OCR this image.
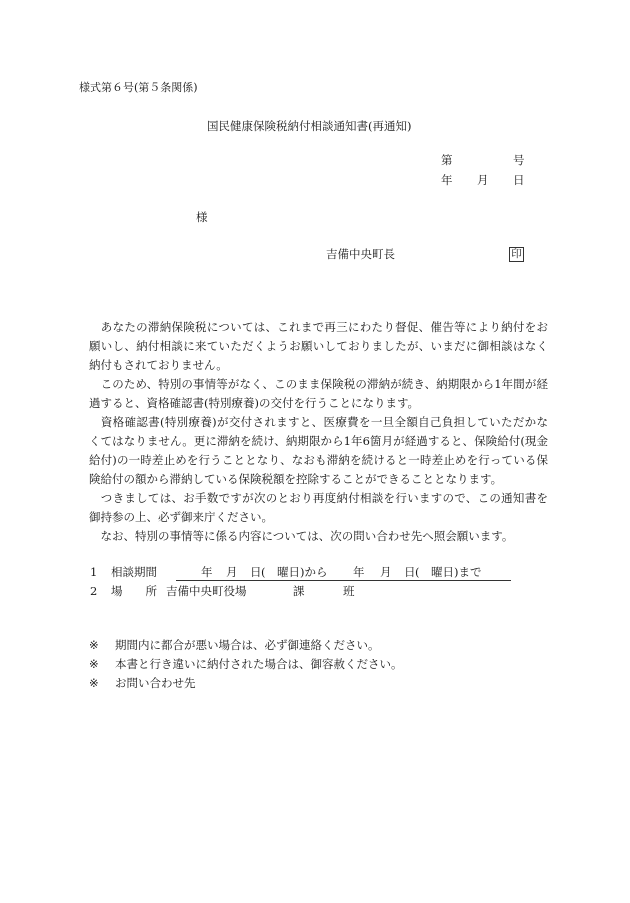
様式第６号(第５条関係)
国民健康保険税納付相談通知書(再通知)
第	号
年 月 日
様
吉備中央町長	印
　あなたの滞納保険税については、これまで再三にわたり督促、催告等により納付をお
願いし、納付相談に来ていただくようお願いしておりましたが、いまだに御相談はなく
納付もされておりません。
　このため、特別の事情等がなく、このまま保険税の滞納が続き、納期限から1年間が経
過すると、資格確認書(特別療養)の交付を行うことになります。
　資格確認書(特別療養)が交付されますと、医療費を一旦全額自己負担していただかな
くてはなりません。更に滞納を続け、納期限から1年6箇月が経過すると、保険給付(現金
給付)の一時差止めを行うこととなり、なおも滞納を続けると一時差止めを行っている保
険給付の額から滞納している保険税額を控除することができることとなります。
　つきましては、お手数ですが次のとおり再度納付相談を行いますので、この通知書を
御持参の上、必ず御来庁ください。
　なお、特別の事情等に係る内容については、次の問い合わせ先へ照会願います。
1 相談期間	年 月 日 (　曜日)から 年 月 日 (　曜日)まで
2 場　　所 吉備中央町役場	課	班
※ 期間内に都合が悪い場合は、必ず御連絡ください。
※ 本書と行き違いに納付された場合は、御容赦ください。
※ お問い合わせ先
